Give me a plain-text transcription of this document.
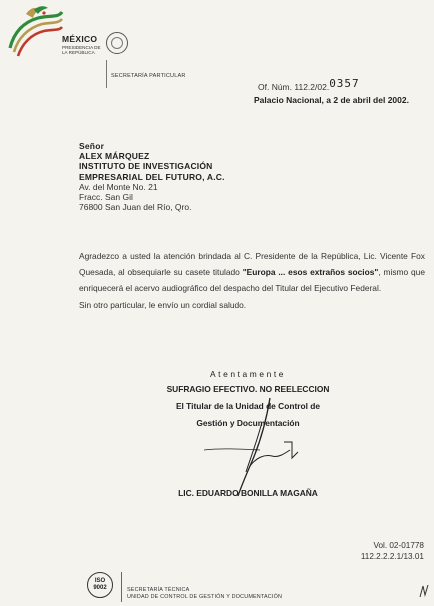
MÉXICO
PRESIDENCIA DE
LA REPÚBLICA
SECRETARÍA PARTICULAR
Of. Núm. 112.2/02.0357
Palacio Nacional, a 2 de abril del 2002.
Señor
ALEX MÁRQUEZ
INSTITUTO DE INVESTIGACIÓN
EMPRESARIAL DEL FUTURO, A.C.
Av. del Monte No. 21
Fracc. San Gil
76800 San Juan del Río, Qro.
Agradezco a usted la atención brindada al C. Presidente de la República, Lic. Vicente Fox Quesada, al obsequiarle su casete titulado "Europa ... esos extraños socios", mismo que enriquecerá el acervo audiográfico del despacho del Titular del Ejecutivo Federal.
Sin otro particular, le envío un cordial saludo.
Atentamente
SUFRAGIO EFECTIVO. NO REELECCION
El Titular de la Unidad de Control de
Gestión y Documentación
LIC. EDUARDO BONILLA MAGAÑA
Vol. 02-01778
112.2.2.2.1/13.01
ISO
9002	SECRETARÍA TÉCNICA
UNIDAD DE CONTROL DE GESTIÓN Y DOCUMENTACIÓN
